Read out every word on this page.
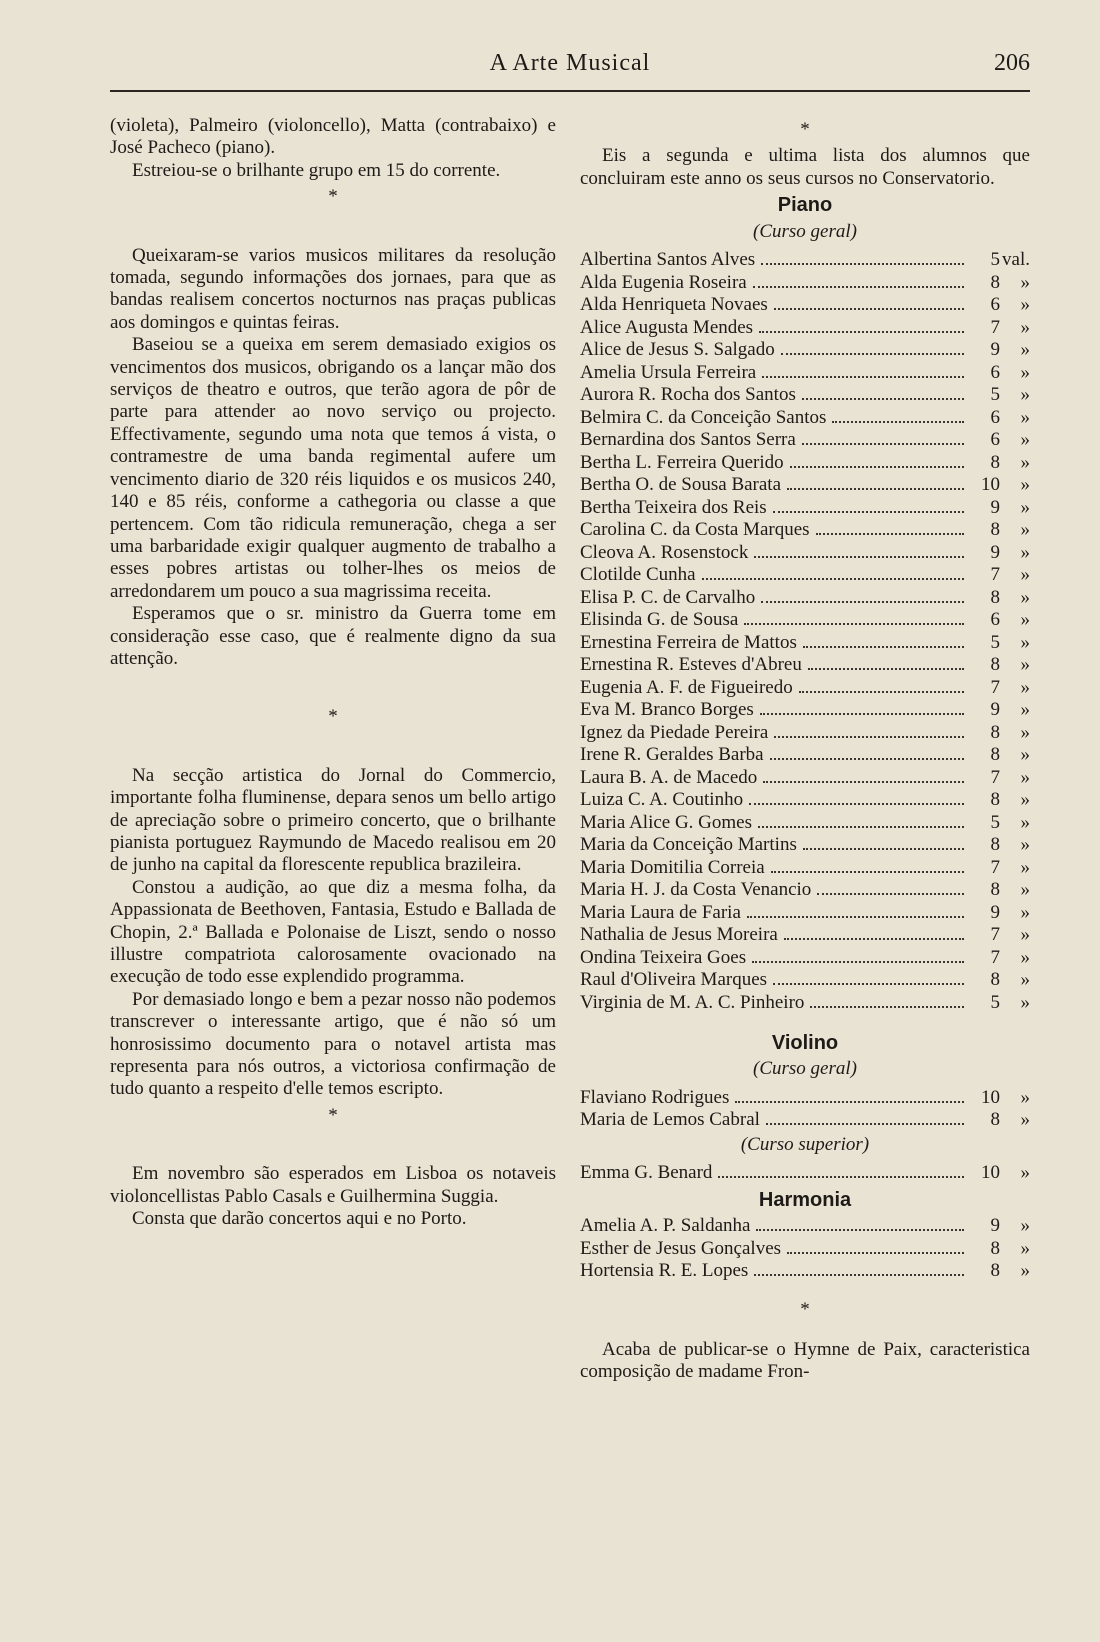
A Arte Musical	206

(violeta), Palmeiro (violoncello), Matta (contrabaixo) e José Pacheco (piano).

Estreiou-se o brilhante grupo em 15 do corrente.

*

Queixaram-se varios musicos militares da resolução tomada, segundo informações dos jornaes, para que as bandas realisem concertos nocturnos nas praças publicas aos domingos e quintas feiras.

Baseiou se a queixa em serem demasiado exigios os vencimentos dos musicos, obrigando os a lançar mão dos serviços de theatro e outros, que terão agora de pôr de parte para attender ao novo serviço ou projecto. Effectivamente, segundo uma nota que temos á vista, o contramestre de uma banda regimental aufere um vencimento diario de 320 réis liquidos e os musicos 240, 140 e 85 réis, conforme a cathegoria ou classe a que pertencem. Com tão ridicula remuneração, chega a ser uma barbaridade exigir qualquer augmento de trabalho a esses pobres artistas ou tolher-lhes os meios de arredondarem um pouco a sua magrissima receita.

Esperamos que o sr. ministro da Guerra tome em consideração esse caso, que é realmente digno da sua attenção.

*

Na secção artistica do Jornal do Commercio, importante folha fluminense, depara senos um bello artigo de apreciação sobre o primeiro concerto, que o brilhante pianista portuguez Raymundo de Macedo realisou em 20 de junho na capital da florescente republica brazileira.

Constou a audição, ao que diz a mesma folha, da Appassionata de Beethoven, Fantasia, Estudo e Ballada de Chopin, 2.ª Ballada e Polonaise de Liszt, sendo o nosso illustre compatriota calorosamente ovacionado na execução de todo esse explendido programma.

Por demasiado longo e bem a pezar nosso não podemos transcrever o interessante artigo, que é não só um honrosissimo documento para o notavel artista mas representa para nós outros, a victoriosa confirmação de tudo quanto a respeito d'elle temos escripto.

*

Em novembro são esperados em Lisboa os notaveis violoncellistas Pablo Casals e Guilhermina Suggia.

Consta que darão concertos aqui e no Porto.

*

Eis a segunda e ultima lista dos alumnos que concluiram este anno os seus cursos no Conservatorio.

Piano
(Curso geral)
Albertina Santos Alves	5 val.
Alda Eugenia Roseira	8	»
Alda Henriqueta Novaes	6	»
Alice Augusta Mendes	7	»
Alice de Jesus S. Salgado	9	»
Amelia Ursula Ferreira	6	»
Aurora R. Rocha dos Santos	5	»
Belmira C. da Conceição Santos	6	»
Bernardina dos Santos Serra	6	»
Bertha L. Ferreira Querido	8	»
Bertha O. de Sousa Barata	10	»
Bertha Teixeira dos Reis	9	»
Carolina C. da Costa Marques	8	»
Cleova A. Rosenstock	9	»
Clotilde Cunha	7	»
Elisa P. C. de Carvalho	8	»
Elisinda G. de Sousa	6	»
Ernestina Ferreira de Mattos	5	»
Ernestina R. Esteves d'Abreu	8	»
Eugenia A. F. de Figueiredo	7	»
Eva M. Branco Borges	9	»
Ignez da Piedade Pereira	8	»
Irene R. Geraldes Barba	8	»
Laura B. A. de Macedo	7	»
Luiza C. A. Coutinho	8	»
Maria Alice G. Gomes	5	»
Maria da Conceição Martins	8	»
Maria Domitilia Correia	7	»
Maria H. J. da Costa Venancio	8	»
Maria Laura de Faria	9	»
Nathalia de Jesus Moreira	7	»
Ondina Teixeira Goes	7	»
Raul d'Oliveira Marques	8	»
Virginia de M. A. C. Pinheiro	5	»
Violino
(Curso geral)
Flaviano Rodrigues	10	»
Maria de Lemos Cabral	8	»
(Curso superior)
Emma G. Benard	10	»
Harmonia
Amelia A. P. Saldanha	9	»
Esther de Jesus Gonçalves	8	»
Hortensia R. E. Lopes	8	»
*

Acaba de publicar-se o Hymne de Paix, caracteristica composição de madame Fron-
